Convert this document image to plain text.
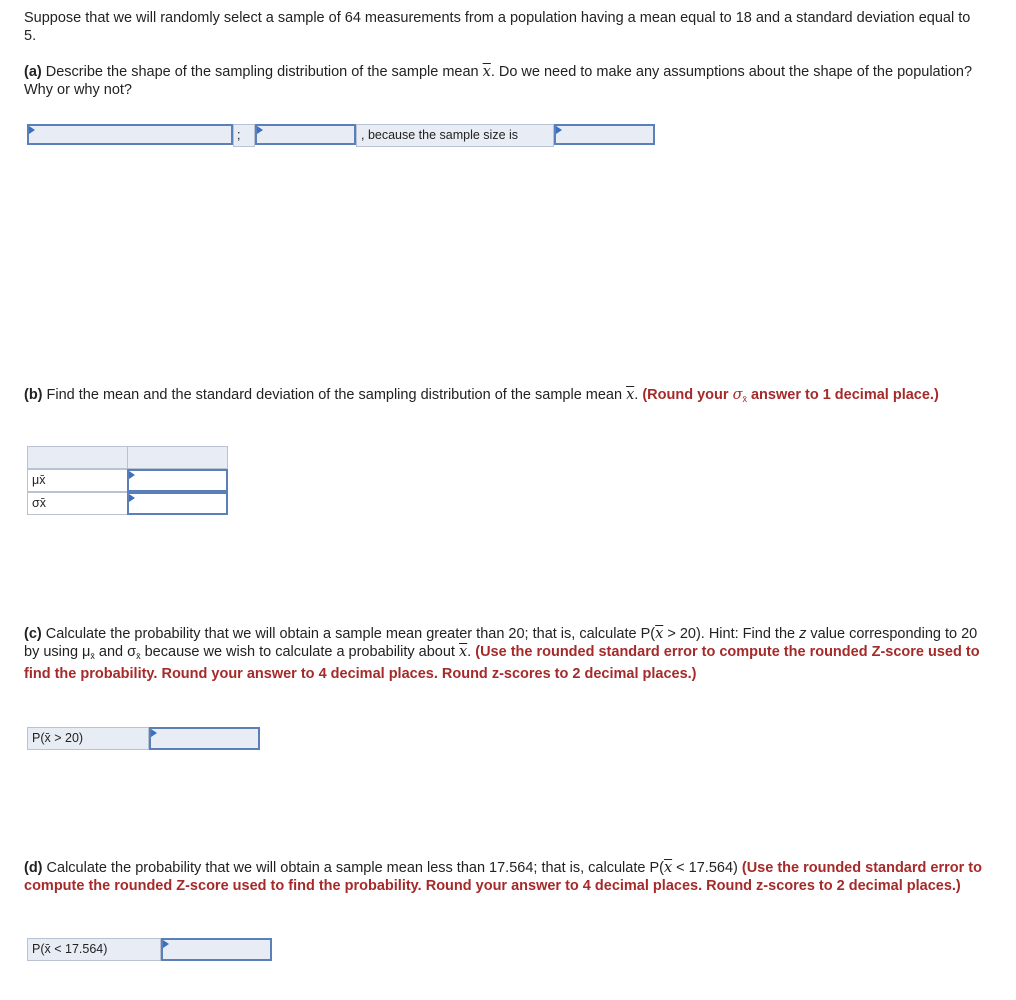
Suppose that we will randomly select a sample of 64 measurements from a population having a mean equal to 18 and a standard deviation equal to 5.

(a) Describe the shape of the sampling distribution of the sample mean $\overline{x}$. Do we need to make any assumptions about the shape of the population? Why or why not?

;	, because the sample size is

(b) Find the mean and the standard deviation of the sampling distribution of the sample mean $\overline{x}$. (Round your $\sigma_{x̄}$ answer to 1 decimal place.)

μx̄
σx̄

(c) Calculate the probability that we will obtain a sample mean greater than 20; that is, calculate $P(\overline{x} > 20)$. Hint: Find the z value corresponding to 20 by using $\mu_{x̄}$ and $\sigma_{x̄}$ because we wish to calculate a probability about $\overline{x}$. (Use the rounded standard error to compute the rounded Z-score used to find the probability. Round your answer to 4 decimal places. Round z-scores to 2 decimal places.)

P(x̄ > 20)

(d) Calculate the probability that we will obtain a sample mean less than 17.564; that is, calculate $P(\overline{x} < 17.564)$ (Use the rounded standard error to compute the rounded Z-score used to find the probability. Round your answer to 4 decimal places. Round z-scores to 2 decimal places.)

P(x̄ < 17.564)
